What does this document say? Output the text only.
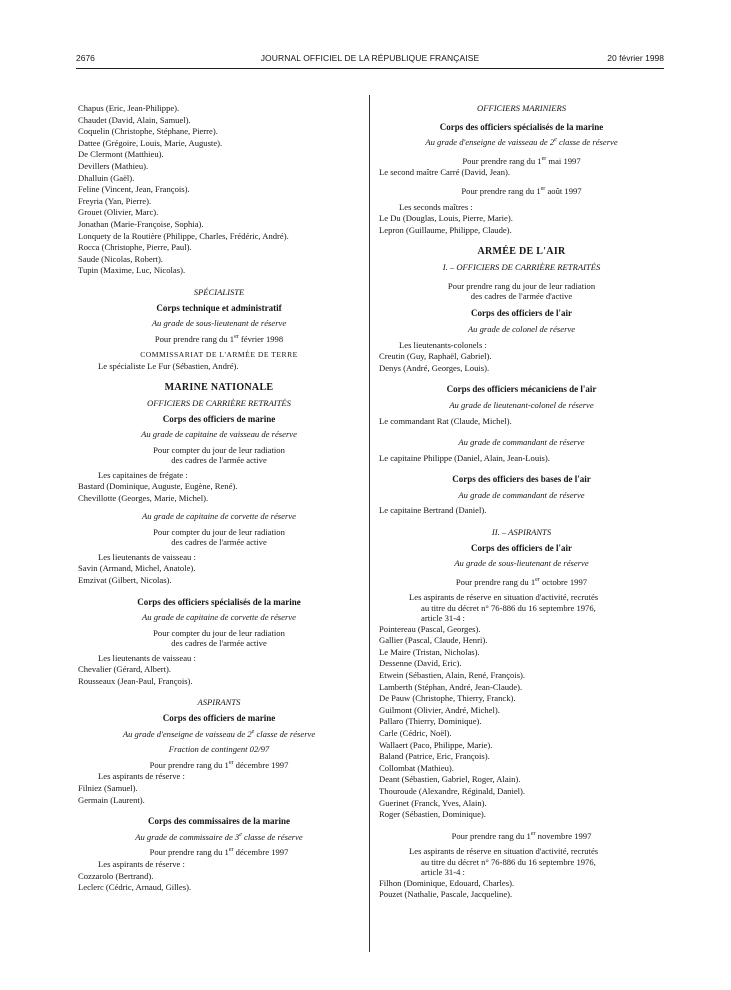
2676	JOURNAL OFFICIEL DE LA RÉPUBLIQUE FRANÇAISE	20 février 1998
Chapus (Eric, Jean-Philippe).
Chaudet (David, Alain, Samuel).
Coquelin (Christophe, Stéphane, Pierre).
Dattee (Grégoire, Louis, Marie, Auguste).
De Clermont (Matthieu).
Devillers (Mathieu).
Dhalluin (Gaël).
Feline (Vincent, Jean, François).
Freyria (Yan, Pierre).
Grouet (Olivier, Marc).
Jonathan (Marie-Françoise, Sophia).
Lonquety de la Routière (Philippe, Charles, Frédéric, André).
Rocca (Christophe, Pierre, Paul).
Saude (Nicolas, Robert).
Tupin (Maxime, Luc, Nicolas).
SPÉCIALISTE
Corps technique et administratif
Au grade de sous-lieutenant de réserve
Pour prendre rang du 1er février 1998
COMMISSARIAT DE L'ARMÉE DE TERRE
Le spécialiste Le Fur (Sébastien, André).
MARINE NATIONALE
OFFICIERS DE CARRIÈRE RETRAITÉS
Corps des officiers de marine
Au grade de capitaine de vaisseau de réserve
Pour compter du jour de leur radiation
des cadres de l'armée active
Les capitaines de frégate :
Bastard (Dominique, Auguste, Eugène, René).
Chevillotte (Georges, Marie, Michel).
Au grade de capitaine de corvette de réserve
Pour compter du jour de leur radiation
des cadres de l'armée active
Les lieutenants de vaisseau :
Savin (Armand, Michel, Anatole).
Emzivat (Gilbert, Nicolas).
Corps des officiers spécialisés de la marine
Au grade de capitaine de corvette de réserve
Pour compter du jour de leur radiation
des cadres de l'armée active
Les lieutenants de vaisseau :
Chevalier (Gérard, Albert).
Rousseaux (Jean-Paul, François).
ASPIRANTS
Corps des officiers de marine
Au grade d'enseigne de vaisseau de 2e classe de réserve
Fraction de contingent 02/97
Pour prendre rang du 1er décembre 1997
Les aspirants de réserve :
Filniez (Samuel).
Germain (Laurent).
Corps des commissaires de la marine
Au grade de commissaire de 3e classe de réserve
Pour prendre rang du 1er décembre 1997
Les aspirants de réserve :
Cozzarolo (Bertrand).
Leclerc (Cédric, Arnaud, Gilles).
OFFICIERS MARINIERS
Corps des officiers spécialisés de la marine
Au grade d'enseigne de vaisseau de 2e classe de réserve
Pour prendre rang du 1er mai 1997
Le second maître Carré (David, Jean).
Pour prendre rang du 1er août 1997
Les seconds maîtres :
Le Du (Douglas, Louis, Pierre, Marie).
Lepron (Guillaume, Philippe, Claude).
ARMÉE DE L'AIR
I. – OFFICIERS DE CARRIÈRE RETRAITÉS
Pour prendre rang du jour de leur radiation
des cadres de l'armée d'active
Corps des officiers de l'air
Au grade de colonel de réserve
Les lieutenants-colonels :
Creutin (Guy, Raphaël, Gabriel).
Denys (André, Georges, Louis).
Corps des officiers mécaniciens de l'air
Au grade de lieutenant-colonel de réserve
Le commandant Rat (Claude, Michel).
Au grade de commandant de réserve
Le capitaine Philippe (Daniel, Alain, Jean-Louis).
Corps des officiers des bases de l'air
Au grade de commandant de réserve
Le capitaine Bertrand (Daniel).
II. – ASPIRANTS
Corps des officiers de l'air
Au grade de sous-lieutenant de réserve
Pour prendre rang du 1er octobre 1997
Les aspirants de réserve en situation d'activité, recrutés
au titre du décret n° 76-886 du 16 septembre 1976,
article 31-4 :
Pointereau (Pascal, Georges).
Gallier (Pascal, Claude, Henri).
Le Maire (Tristan, Nicholas).
Dessenne (David, Eric).
Etwein (Sébastien, Alain, René, François).
Lamberth (Stéphan, André, Jean-Claude).
De Pauw (Christophe, Thierry, Franck).
Guilmont (Olivier, André, Michel).
Pallaro (Thierry, Dominique).
Carle (Cédric, Noël).
Wallaert (Paco, Philippe, Marie).
Baland (Patrice, Eric, François).
Collombat (Mathieu).
Deant (Sébastien, Gabriel, Roger, Alain).
Thouroude (Alexandre, Réginald, Daniel).
Guerinet (Franck, Yves, Alain).
Roger (Sébastien, Dominique).
Pour prendre rang du 1er novembre 1997
Les aspirants de réserve en situation d'activité, recrutés
au titre du décret n° 76-886 du 16 septembre 1976,
article 31-4 :
Filhon (Dominique, Edouard, Charles).
Pouzet (Nathalie, Pascale, Jacqueline).
